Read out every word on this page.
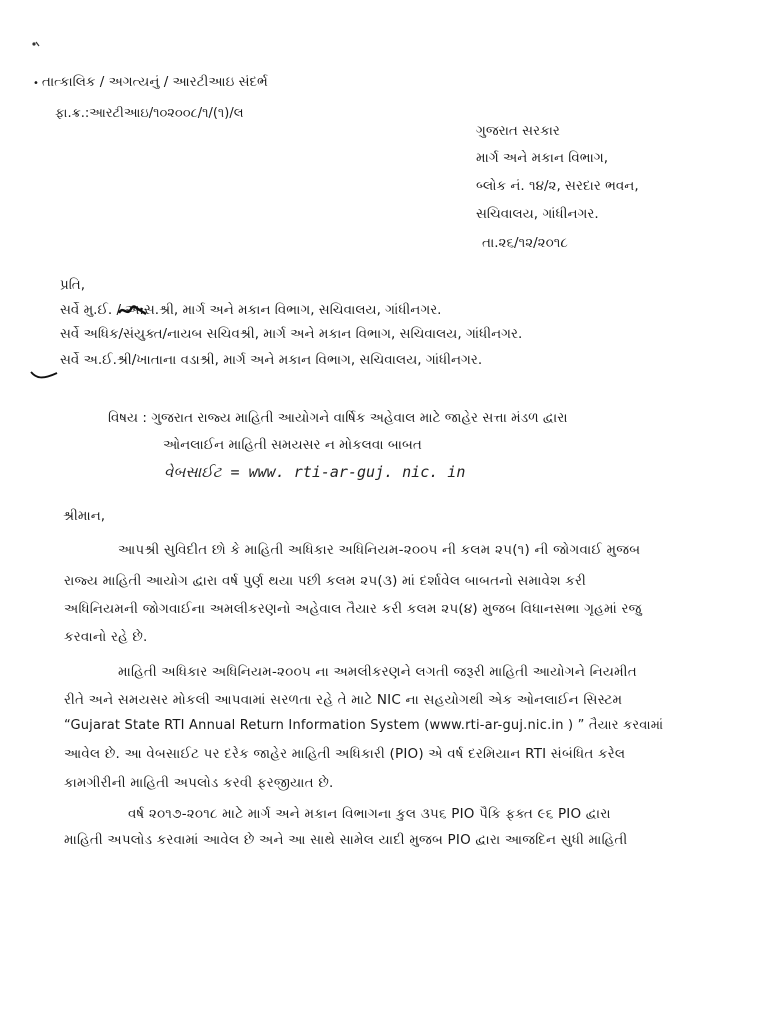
• તાત્કાલિક / અગત્યનું / આરટીઆઇ સંદર્ભ
ફા.ક્ર.:આરટીઆઇ/૧૦૨૦૦૮/૧/(૧)/લ
ગુજરાત સરકાર
માર્ગ અને મકાન વિભાગ,
બ્લોક નં. ૧૪/૨, સરદાર ભવન,
સચિવાલય, ગાંધીનગર.
તા.૨૬/૧૨/૨૦૧૮
પ્રતિ,
સર્વે મુ.ઈ. / અ.સ.શ્રી, માર્ગ અને મકાન વિભાગ, સચિવાલય, ગાંધીનગર.
સર્વે અધિક/સંયુક્ત/નાયબ સચિવશ્રી, માર્ગ અને મકાન વિભાગ, સચિવાલય, ગાંધીનગર.
સર્વે અ.ઈ.શ્રી/ખાતાના વડાશ્રી, માર્ગ અને મકાન વિભાગ, સચિવાલય, ગાંધીનગર.
વિષય : ગુજરાત રાજ્ય માહિતી આયોગને વાર્ષિક અહેવાલ માટે જાહેર સત્તા મંડળ દ્વારા
ઓનલાઈન માહિતી સમયસર ન મોકલવા બાબત
વેબસાઈટ = www. rti-ar-guj. nic. in
શ્રીમાન,
આપશ્રી સુવિદીત છો કે માહિતી અધિકાર અધિનિયમ-૨૦૦૫ ની કલમ ૨૫(૧) ની જોગવાઈ મુજબ
રાજ્ય માહિતી આયોગ દ્વારા વર્ષ પુર્ણ થયા પછી કલમ ૨૫(૩) માં દર્શાવેલ બાબતનો સમાવેશ કરી
અધિનિયમની જોગવાઈના અમલીકરણનો અહેવાલ તૈયાર કરી કલમ ૨૫(૪) મુજબ વિધાનસભા ગૃહમાં રજુ
કરવાનો રહે છે.
માહિતી અધિકાર અધિનિયમ-૨૦૦૫ ના અમલીકરણને લગતી જરૂરી માહિતી આયોગને નિયમીત
રીતે અને સમયસર મોકલી આપવામાં સરળતા રહે તે માટે NIC ના સહયોગથી એક ઓનલાઈન સિસ્ટમ
“Gujarat State RTI Annual Return Information System (www.rti-ar-guj.nic.in ) ” તૈયાર કરવામાં
આવેલ છે. આ વેબસાઈટ પર દરેક જાહેર માહિતી અધિકારી (PIO) એ વર્ષ દરમિયાન RTI સંબંધિત કરેલ
કામગીરીની માહિતી અપલોડ કરવી ફરજીયાત છે.
વર્ષ ૨૦૧૭-૨૦૧૮ માટે માર્ગ અને મકાન વિભાગના કુલ ૩૫૬ PIO પૈકિ ફક્ત ૯૬ PIO દ્વારા
માહિતી અપલોડ કરવામાં આવેલ છે અને આ સાથે સામેલ યાદી મુજબ PIO દ્વારા આજદિન સુધી માહિતી
